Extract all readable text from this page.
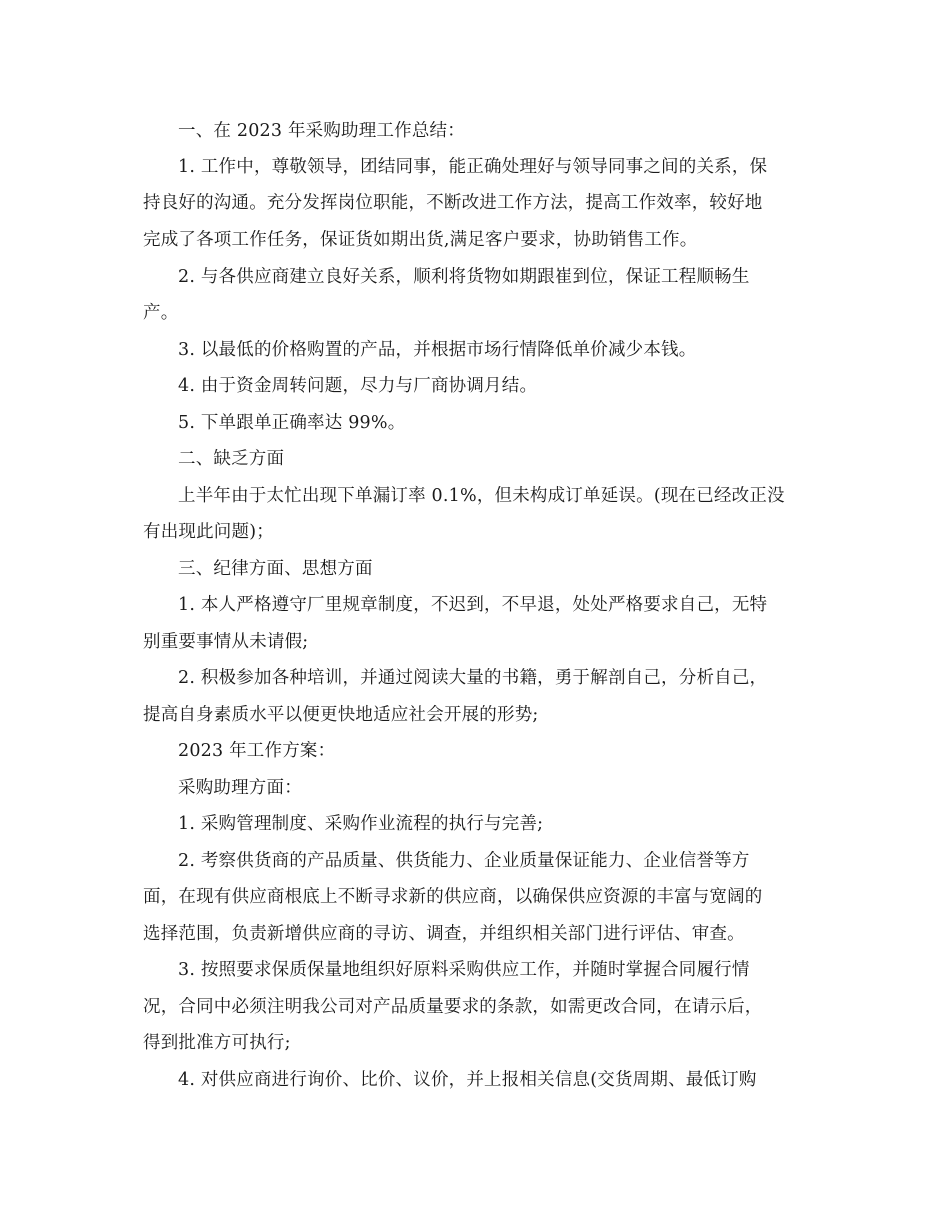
一、在 2023 年采购助理工作总结：
1. 工作中，尊敬领导，团结同事，能正确处理好与领导同事之间的关系，保
持良好的沟通。充分发挥岗位职能，不断改进工作方法，提高工作效率，较好地
完成了各项工作任务，保证货如期出货,满足客户要求，协助销售工作。
2. 与各供应商建立良好关系，顺利将货物如期跟崔到位，保证工程顺畅生
产。
3. 以最低的价格购置的产品，并根据市场行情降低单价减少本钱。
4. 由于资金周转问题，尽力与厂商协调月结。
5. 下单跟单正确率达 99%。
二、缺乏方面
上半年由于太忙出现下单漏订率 0.1%，但未构成订单延误。(现在已经改正没
有出现此问题)；
三、纪律方面、思想方面
1. 本人严格遵守厂里规章制度，不迟到，不早退，处处严格要求自己，无特
别重要事情从未请假;
2. 积极参加各种培训，并通过阅读大量的书籍，勇于解剖自己，分析自己，
提高自身素质水平以便更快地适应社会开展的形势;
2023 年工作方案：
采购助理方面：
1. 采购管理制度、采购作业流程的执行与完善;
2. 考察供货商的产品质量、供货能力、企业质量保证能力、企业信誉等方
面，在现有供应商根底上不断寻求新的供应商，以确保供应资源的丰富与宽阔的
选择范围，负责新增供应商的寻访、调查，并组织相关部门进行评估、审查。
3. 按照要求保质保量地组织好原料采购供应工作，并随时掌握合同履行情
况，合同中必须注明我公司对产品质量要求的条款，如需更改合同，在请示后，
得到批准方可执行;
4. 对供应商进行询价、比价、议价，并上报相关信息(交货周期、最低订购
